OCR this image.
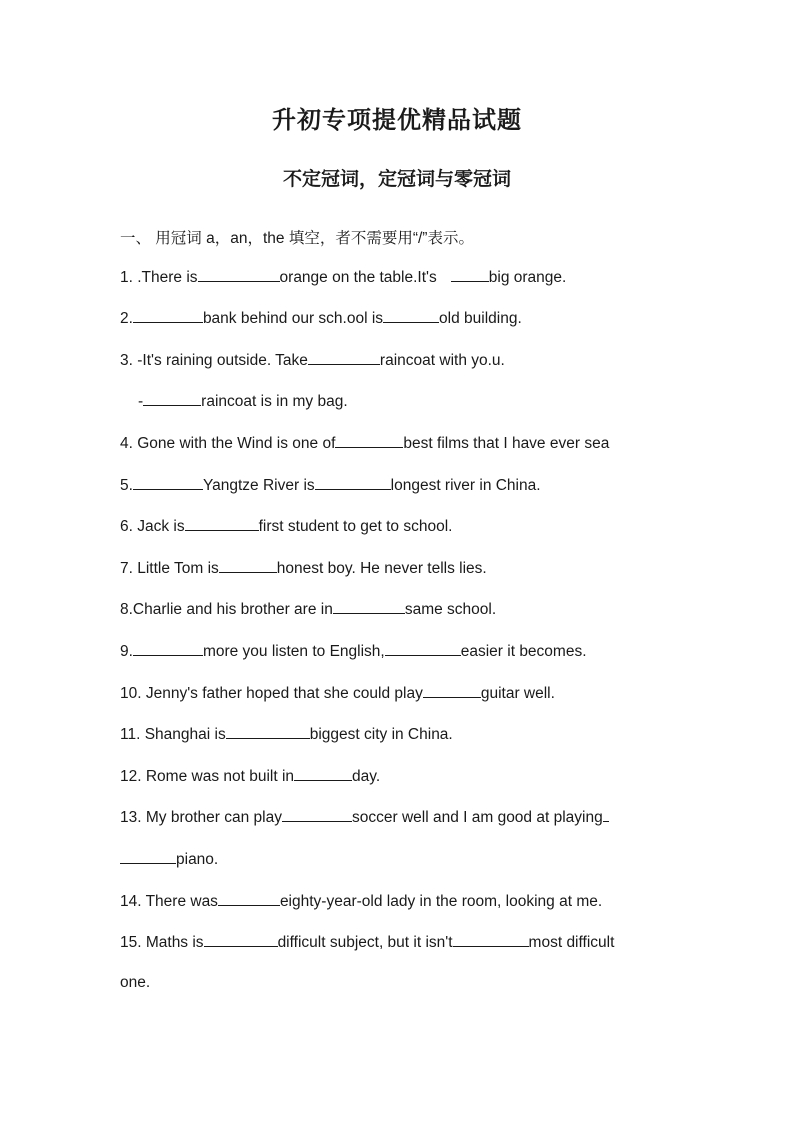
升初专项提优精品试题
不定冠词，定冠词与零冠词
一、 用冠词 a，an，the 填空，者不需要用“/”表示。
1. .There is	orange on the table.It's	big orange.
2.	bank behind our sch.ool is	old building.
3. -It's raining outside. Take	raincoat with yo.u.
-	raincoat is in my bag.
4. Gone with the Wind is one of	best films that I have ever sea
5.	Yangtze River is	longest river in China.
6. Jack is	first student to get to school.
7. Little Tom is	honest boy. He never tells lies.
8.Charlie and his brother are in	same school.
9.	more you listen to English,	easier it becomes.
10. Jenny's father hoped that she could play	guitar well.
11. Shanghai is	biggest city in China.
12. Rome was not built in	day.
13. My brother can play	soccer well and I am good at playing
piano.
14. There was	eighty-year-old lady in the room, looking at me.
15. Maths is	difficult subject, but it isn't	most difficult
one.
